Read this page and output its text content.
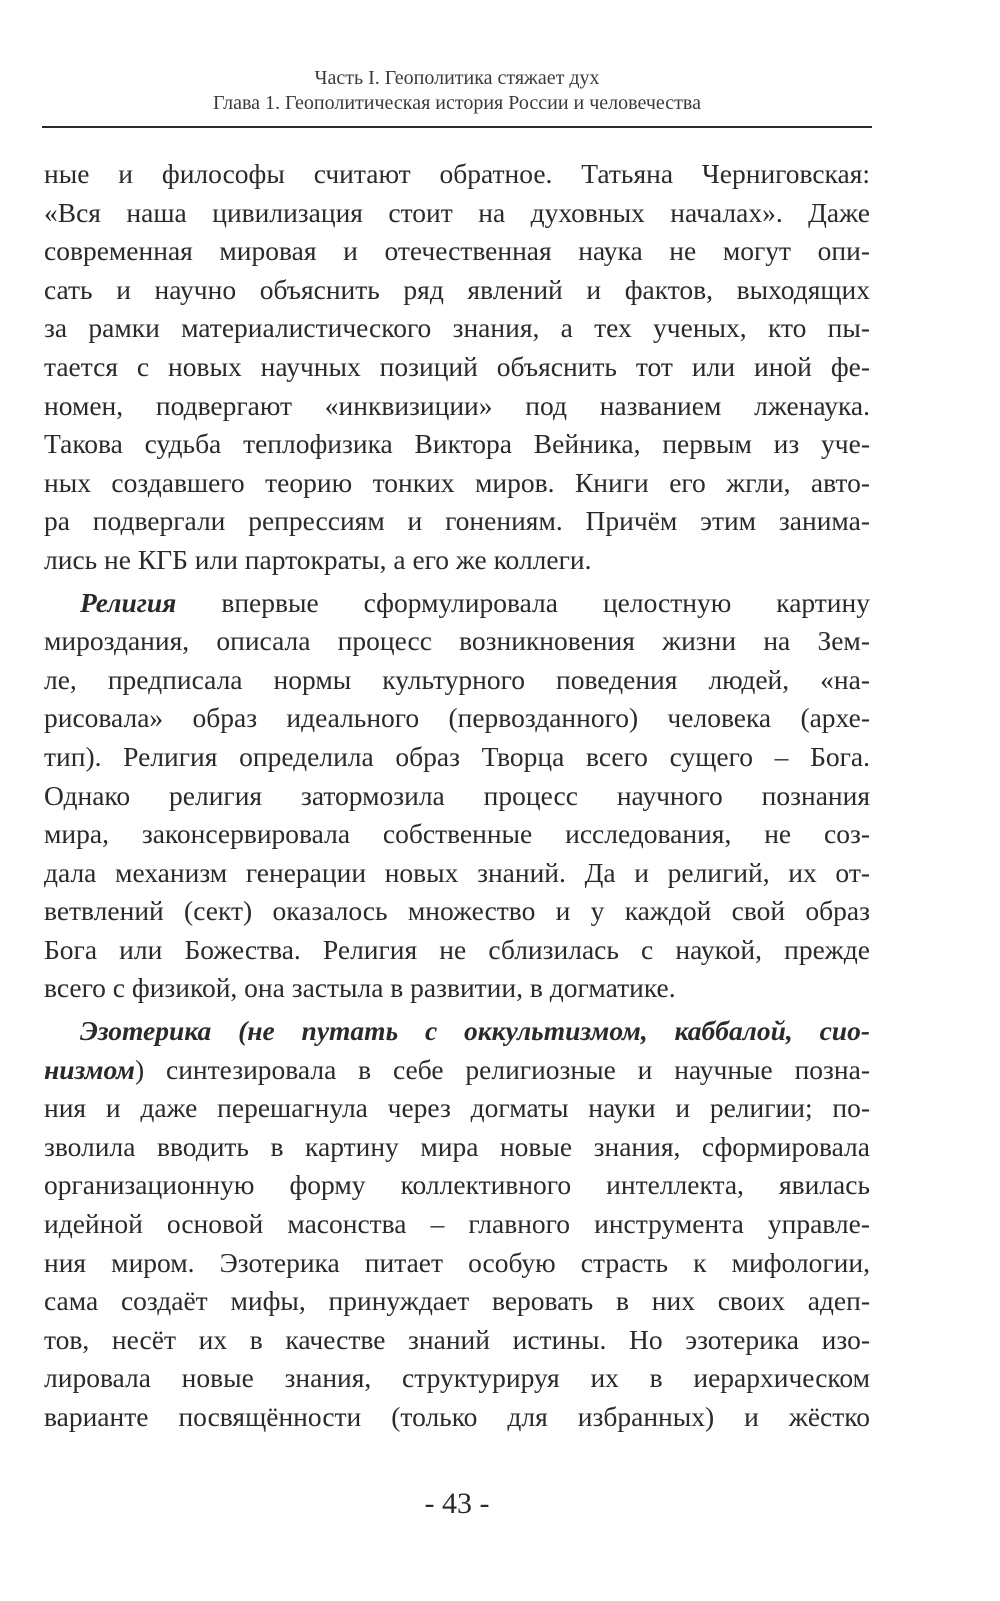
Часть I. Геополитика стяжает дух
Глава 1. Геополитическая история России и человечества
ные и философы считают обратное. Татьяна Черниговская:
«Вся наша цивилизация стоит на духовных началах». Даже
современная мировая и отечественная наука не могут опи-
сать и научно объяснить ряд явлений и фактов, выходящих
за рамки материалистического знания, а тех ученых, кто пы-
тается с новых научных позиций объяснить тот или иной фе-
номен, подвергают «инквизиции» под названием лженаука.
Такова судьба теплофизика Виктора Вейника, первым из уче-
ных создавшего теорию тонких миров. Книги его жгли, авто-
ра подвергали репрессиям и гонениям. Причём этим занима-
лись не КГБ или партократы, а его же коллеги.
Религия впервые сформулировала целостную картину
мироздания, описала процесс возникновения жизни на Зем-
ле, предписала нормы культурного поведения людей, «на-
рисовала» образ идеального (первозданного) человека (архе-
тип). Религия определила образ Творца всего сущего – Бога.
Однако религия затормозила процесс научного познания
мира, законсервировала собственные исследования, не соз-
дала механизм генерации новых знаний. Да и религий, их от-
ветвлений (сект) оказалось множество и у каждой свой образ
Бога или Божества. Религия не сблизилась с наукой, прежде
всего с физикой, она застыла в развитии, в догматике.
Эзотерика (не путать с оккультизмом, каббалой, сио-
низмом) синтезировала в себе религиозные и научные позна-
ния и даже перешагнула через догматы науки и религии; по-
зволила вводить в картину мира новые знания, сформировала
организационную форму коллективного интеллекта, явилась
идейной основой масонства – главного инструмента управле-
ния миром. Эзотерика питает особую страсть к мифологии,
сама создаёт мифы, принуждает веровать в них своих адеп-
тов, несёт их в качестве знаний истины. Но эзотерика изо-
лировала новые знания, структурируя их в иерархическом
варианте посвящённости (только для избранных) и жёстко
- 43 -
